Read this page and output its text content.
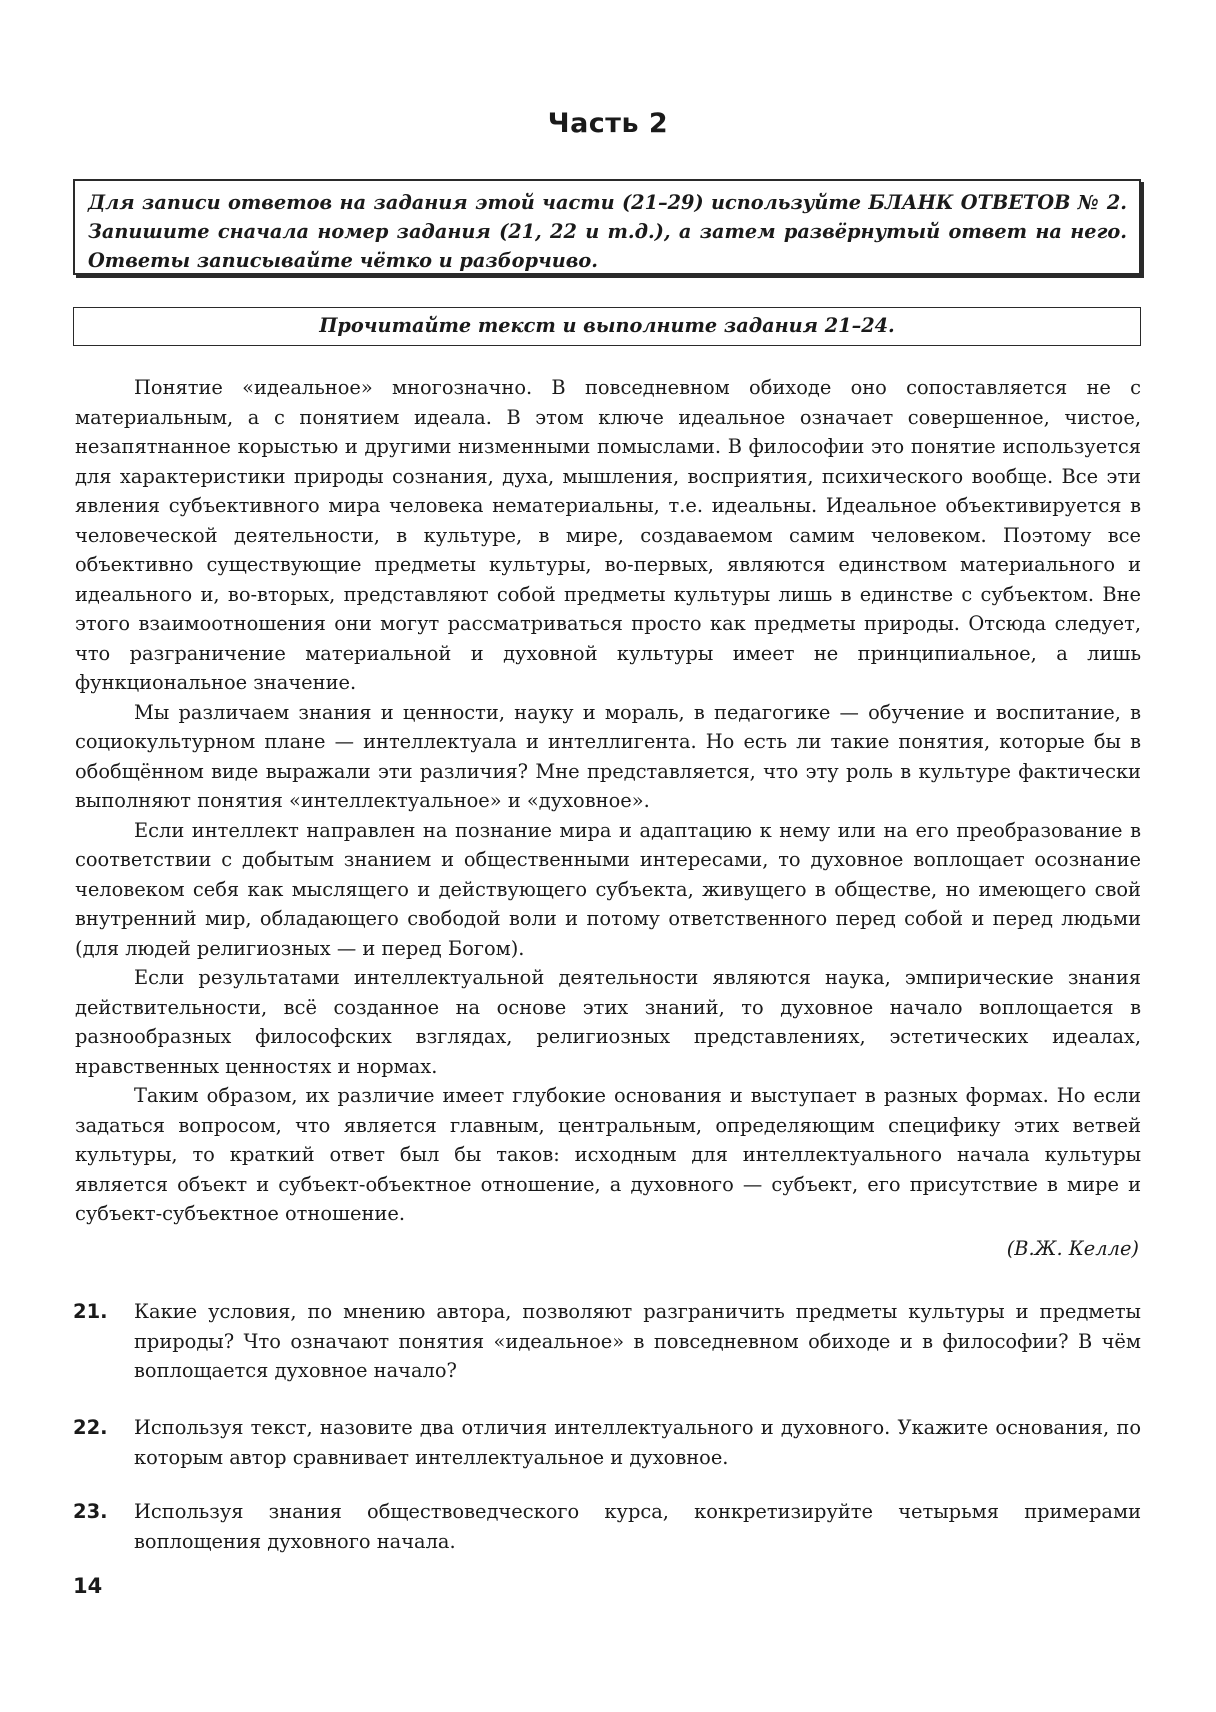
Часть 2
Для записи ответов на задания этой части (21–29) используйте БЛАНК ОТВЕТОВ № 2. Запишите сначала номер задания (21, 22 и т.д.), а затем развёрнутый ответ на него. Ответы записывайте чётко и разборчиво.
Прочитайте текст и выполните задания 21–24.

Понятие «идеальное» многозначно. В повседневном обиходе оно сопоставляется не с материальным, а с понятием идеала. В этом ключе идеальное означает совершенное, чистое, незапятнанное корыстью и другими низменными помыслами. В философии это понятие используется для характеристики природы сознания, духа, мышления, восприятия, психического вообще. Все эти явления субъективного мира человека нематериальны, т.е. идеальны. Идеальное объективируется в человеческой деятельности, в культуре, в мире, создаваемом самим человеком. Поэтому все объективно существующие предметы культуры, во-первых, являются единством материального и идеального и, во-вторых, представляют собой предметы культуры лишь в единстве с субъектом. Вне этого взаимоотношения они могут рассматриваться просто как предметы природы. Отсюда следует, что разграничение материальной и духовной культуры имеет не принципиальное, а лишь функциональное значение.

Мы различаем знания и ценности, науку и мораль, в педагогике — обучение и воспитание, в социокультурном плане — интеллектуала и интеллигента. Но есть ли такие понятия, которые бы в обобщённом виде выражали эти различия? Мне представляется, что эту роль в культуре фактически выполняют понятия «интеллектуальное» и «духовное».

Если интеллект направлен на познание мира и адаптацию к нему или на его преобразование в соответствии с добытым знанием и общественными интересами, то духовное воплощает осознание человеком себя как мыслящего и действующего субъекта, живущего в обществе, но имеющего свой внутренний мир, обладающего свободой воли и потому ответственного перед собой и перед людьми (для людей религиозных — и перед Богом).

Если результатами интеллектуальной деятельности являются наука, эмпирические знания действительности, всё созданное на основе этих знаний, то духовное начало воплощается в разнообразных философских взглядах, религиозных представлениях, эстетических идеалах, нравственных ценностях и нормах.

Таким образом, их различие имеет глубокие основания и выступает в разных формах. Но если задаться вопросом, что является главным, центральным, определяющим специфику этих ветвей культуры, то краткий ответ был бы таков: исходным для интеллектуального начала культуры является объект и субъект-объектное отношение, а духовного — субъект, его присутствие в мире и субъект-субъектное отношение.

(В.Ж. Келле)
21. Какие условия, по мнению автора, позволяют разграничить предметы культуры и предметы природы? Что означают понятия «идеальное» в повседневном обиходе и в философии? В чём воплощается духовное начало?
22. Используя текст, назовите два отличия интеллектуального и духовного. Укажите основания, по которым автор сравнивает интеллектуальное и духовное.
23. Используя знания обществоведческого курса, конкретизируйте четырьмя примерами воплощения духовного начала.
14
